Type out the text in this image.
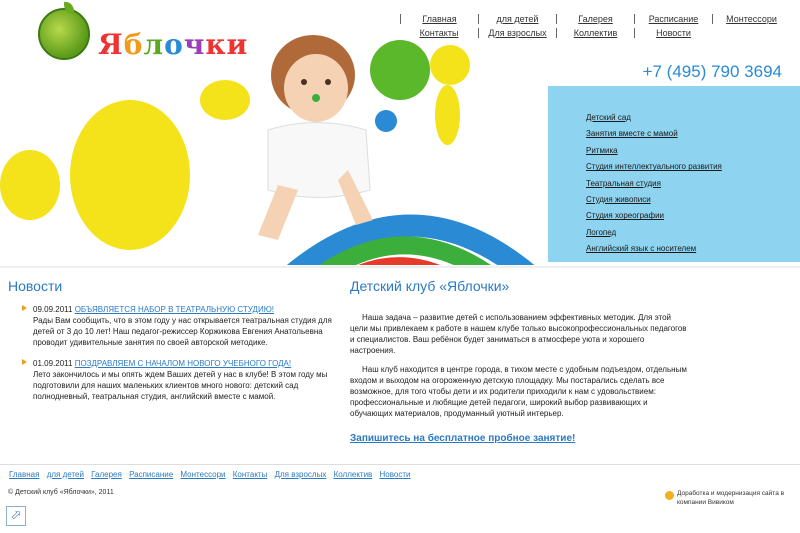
Яблочки
Главная	для детей	Галерея	Расписание	Монтессори
Контакты	Для взрослых	Коллектив	Новости
+7 (495) 790 3694
Детский сад
Занятия вместе с мамой
Ритмика
Студия интеллектуального развития
Театральная студия
Студия живописи
Студия хореографии
Логопед
Английский язык с носителем
Новости
09.09.2011 ОБЪЯВЛЯЕТСЯ НАБОР В ТЕАТРАЛЬНУЮ СТУДИЮ!
Рады Вам сообщить, что в этом году у нас открывается театральная студия для детей от 3 до 10 лет! Наш педагог-режиссер Коржикова Евгения Анатольевна проводит удивительные занятия по своей авторской методике.
01.09.2011 ПОЗДРАВЛЯЕМ С НАЧАЛОМ НОВОГО УЧЕБНОГО ГОДА!
Лето закончилось и мы опять ждем Ваших детей у нас в клубе! В этом году мы подготовили для наших маленьких клиентов много нового: детский сад полнодневный, театральная студия, английский вместе с мамой.
Детский клуб «Яблочки»

Наша задача – развитие детей с использованием эффективных методик. Для этой цели мы привлекаем к работе в нашем клубе только высокопрофессиональных педагогов и специалистов. Ваш ребёнок будет заниматься в атмосфере уюта и хорошего настроения.

Наш клуб находится в центре города, в тихом месте с удобным подъездом, отдельным входом и выходом на огороженную детскую площадку. Мы постарались сделать все возможное, для того чтобы дети и их родители приходили к нам с удовольствием: профессиональные и любящие детей педагоги, широкий выбор развивающих и обучающих материалов, продуманный уютный интерьер.

Запишитесь на бесплатное пробное занятие!
Главная для детей Галерея Расписание Монтессори Контакты Для взрослых Коллектив Новости
© Детский клуб «Яблочки», 2011	Доработка и модернизация сайта в компании Вивиком
⬀
